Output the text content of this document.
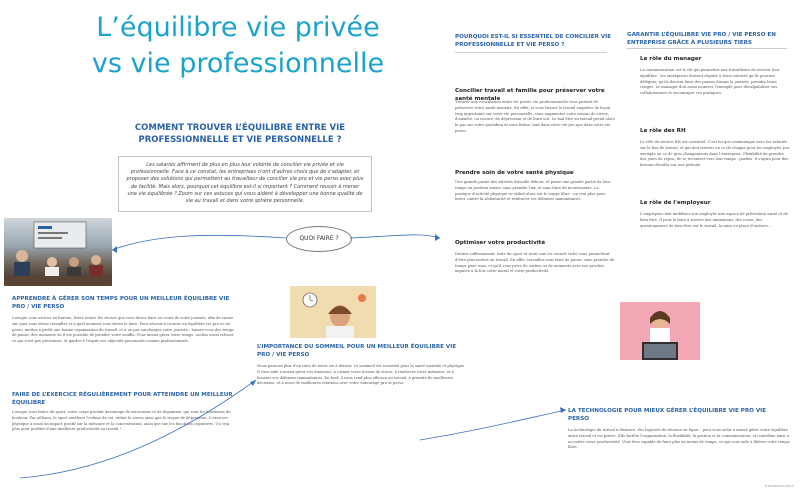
L’équilibre vie privée vs vie professionnelle
COMMENT TROUVER L’ÉQUILIBRE ENTRE VIE PROFESSIONNELLE ET VIE PERSONNELLE ?
Les salariés affirment de plus en plus leur volonté de concilier vie privée et vie professionnelle. Face à ce constat, les entreprises n'ont d'autres choix que de s'adapter, et proposer des solutions qui permettent au travailleur de concilier vie pro et vie perso avec plus de facilité. Mais alors, pourquoi cet équilibre est-il si important ? Comment réussir à mener une vie équilibrée ? Zoom sur ces astuces qui vous aident à développer une bonne qualité de vie au travail et dans votre sphère personnelle.
QUOI FAIRE ?
APPRENDRE À GÉRER SON TEMPS POUR UN MEILLEUR ÉQUILIBRE VIE PRO / VIE PERSO
Lorsque vous arrivez au bureau, listez toutes les choses que vous devez faire au cours de votre journée, afin de savoir sur quoi vous devez travailler et à quel moment vous devez le faire. Pour réussir à trouver un équilibre vie pro et vie perso, mettez à profit une bonne organisation du travail, et à ne pas surcharger votre journée : laissez-vous des temps de pause, des moments où il est possible de prendre votre souffle. Pour mieux gérer votre temps, sachez aussi refuser ce qui n'est pas prioritaire, et garder à l'esprit vos objectifs personnels comme professionnels.
FAIRE DE L’EXERCICE RÉGULIÈREMENT POUR ATTEINDRE UN MEILLEUR ÉQUILIBRE
Lorsque vous faites du sport, votre corps produit davantage de sérotonine et de dopamine, qui sont les hormones du bonheur. Par ailleurs, le sport améliore l'estime de soi, réduit le stress ainsi que le risque de dépression. L'exercice physique a aussi un impact positif sur la mémoire et la concentration, ainsi que sur les fonctions cognitives. Un vrai plus pour profiter d'une meilleure productivité au travail !
L’IMPORTANCE DU SOMMEIL POUR UN MEILLEUR ÉQUILIBRE VIE PRO / VIE PERSO
Nous passons plus d'un tiers de notre vie à dormir. Le sommeil est essentiel pour la santé mentale et physique. Il vous aide à mieux gérer vos émotions, à calmer votre niveau de stress, à renforcer votre mémoire, et à booster vos défenses immunitaires. En bref, il vous rend plus efficace au travail, à prendre de meilleures décisions, et à avoir de meilleures relations avec votre entourage pro et perso.
LA TECHNOLOGIE POUR MIEUX GÉRER L’ÉQUILIBRE VIE PRO VIE PERSO
La technologie du travail à distance, des logiciels de réunion en ligne... peut vous aider à mieux gérer votre équilibre entre travail et vie privée. Elle facilite l'organisation, la flexibilité, la gestion et la communication, et contribue ainsi à accroître votre productivité. Vous êtes capable de faire plus en moins de temps, ce qui vous aide à libérer votre temps libre.
POURQUOI EST-IL SI ESSENTIEL DE CONCILIER VIE PROFESSIONNELLE ET VIE PERSO ?
Concilier travail et famille pour préserver votre santé mentale
Trouver une conciliation entre vie privée vie professionnelle vous permet de préserver votre santé mentale. En effet, si vous laissez le travail empiéter de façon trop importante sur votre vie personnelle, vous augmentez votre niveau de stress, d'anxiété, ou encore, de dépression et de burn out. Le mal-être au travail prend alors le pas sur votre quotidien et vous freine, tant dans votre vie pro que dans votre vie perso.
Prendre soin de votre santé physique
Une grande partie des salariés travaille debout, et passe une grande partie de leur temps en position assise, sans prendre l'air, et sans faire de mouvements. La pratique d'activité physique se réduit alors sur le temps libre : un vrai plus pour lutter contre la sédentarité et renforcer ses défenses immunitaires.
Optimiser votre productivité
Dormir suffisamment, faire du sport et avoir une vie sociale riche vous permettent d'être plus motivé au travail. En effet, travailler sans faire de pause, sans prendre de temps pour vous, et qu'il vous prive de sorties ou de moments avec vos proches impacte à la fois votre moral et votre productivité.
GARANTIR L’ÉQUILIBRE VIE PRO / VIE PERSO EN ENTREPRISE GRÂCE À PLUSIEURS TIERS
Le rôle du manager
La communication est le clé qui permettra aux travailleurs de trouver leur équilibre : les entreprises doivent réguler à leurs salariés qu'ils peuvent déléguer, qu'ils doivent faire des pauses durant la journée, prendre leurs congés. Le manager doit aussi montrer l'exemple pour déculpabiliser ses collaborateurs et encourager ces pratiques.
Le rôle des RH
Le rôle du service RH est essentiel. C'est lui qui communique avec les salariés sur le lieu de travail, et qui doit œuvrer en ce de chaque pour les employés, par exemple en ce de gros changements dans l'entreprise. Flexibilité de prendre des jours de repos, de se recentrer vers leur temps : parfois, il s'agira pour des besoins décidés sur une période.
Le rôle de l'employeur
L'employeur doit mobiliser son employés une espace de prévention santé et de bien-être. Il peut le faire à travers des animations, des cours, des questionnaires de bien-être sur le travail, la mise en place d'ateliers...
transitions.pro.fr
